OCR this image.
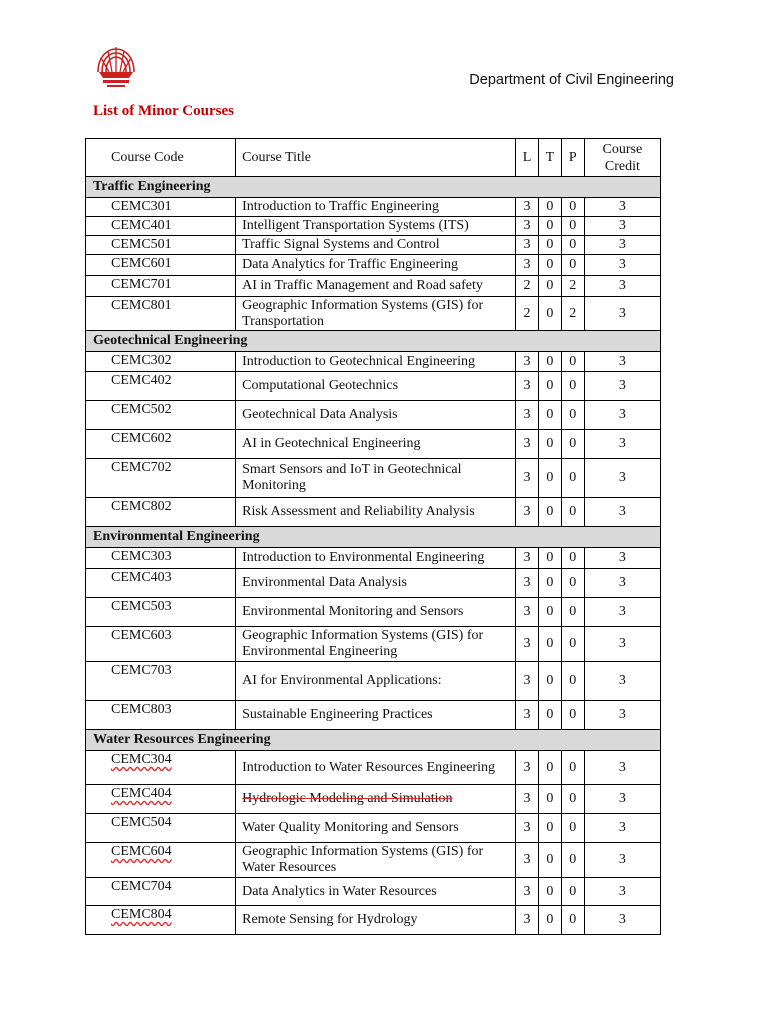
Department of Civil Engineering
List of Minor Courses
Course Code	Course Title	L	T	P	Course Credit
Traffic Engineering					
CEMC301	Introduction to Traffic Engineering	3	0	0	3
CEMC401	Intelligent Transportation Systems (ITS)	3	0	0	3
CEMC501	Traffic Signal Systems and Control	3	0	0	3
CEMC601	Data Analytics for Traffic Engineering	3	0	0	3
CEMC701	AI in Traffic Management and Road safety	2	0	2	3
CEMC801	Geographic Information Systems (GIS) for Transportation	2	0	2	3
Geotechnical Engineering					
CEMC302	Introduction to Geotechnical Engineering	3	0	0	3
CEMC402	Computational Geotechnics	3	0	0	3
CEMC502	Geotechnical Data Analysis	3	0	0	3
CEMC602	AI in Geotechnical Engineering	3	0	0	3
CEMC702	Smart Sensors and IoT in Geotechnical Monitoring	3	0	0	3
CEMC802	Risk Assessment and Reliability Analysis	3	0	0	3
Environmental Engineering					
CEMC303	Introduction to Environmental Engineering	3	0	0	3
CEMC403	Environmental Data Analysis	3	0	0	3
CEMC503	Environmental Monitoring and Sensors	3	0	0	3
CEMC603	Geographic Information Systems (GIS) for Environmental Engineering	3	0	0	3
CEMC703	AI for Environmental Applications:	3	0	0	3
CEMC803	Sustainable Engineering Practices	3	0	0	3
Water Resources Engineering					
CEMC304	Introduction to Water Resources Engineering	3	0	0	3
CEMC404	Hydrologic Modeling and Simulation	3	0	0	3
CEMC504	Water Quality Monitoring and Sensors	3	0	0	3
CEMC604	Geographic Information Systems (GIS) for Water Resources	3	0	0	3
CEMC704	Data Analytics in Water Resources	3	0	0	3
CEMC804	Remote Sensing for Hydrology	3	0	0	3
